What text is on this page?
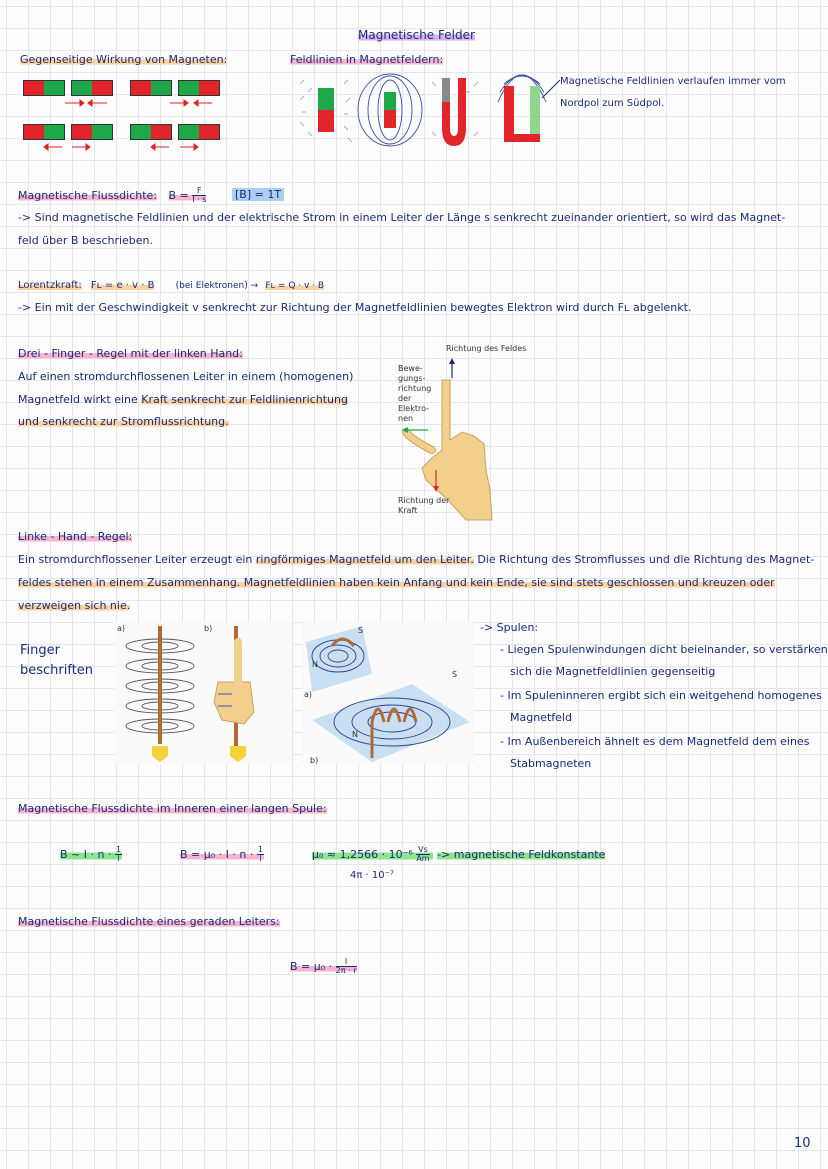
Magnetische Felder
Gegenseitige Wirkung von Magneten:	Feldlinien in Magnetfeldern:
Magnetische Feldlinien verlaufen immer vom
Nordpol zum Südpol.
Magnetische Flussdichte: $B = \frac{F}{I \cdot s}$	[B] = 1T
-> Sind magnetische Feldlinien und der elektrische Strom in einem Leiter der Länge s senkrecht zueinander orientiert, so wird das Magnet-
feld über B beschrieben.
Lorentzkraft: Fʟ = e · v · B (bei Elektronen) → Fʟ = Q · v · B
-> Ein mit der Geschwindigkeit v senkrecht zur Richtung der Magnetfeldlinien bewegtes Elektron wird durch Fʟ abgelenkt.
Drei - Finger - Regel mit der linken Hand:
Auf einen stromdurchflossenen Leiter in einem (homogenen)
Magnetfeld wirkt eine Kraft senkrecht zur Feldlinienrichtung
und senkrecht zur Stromflussrichtung.
Richtung des Feldes
Bewe-
gungs-
richtung
der
Elektro-
nen
Richtung der
Kraft
Linke - Hand - Regel:
Ein stromdurchflossener Leiter erzeugt ein ringförmiges Magnetfeld um den Leiter. Die Richtung des Stromflusses und die Richtung des Magnet-
feldes stehen in einem Zusammenhang. Magnetfeldlinien haben kein Anfang und kein Ende, sie sind stets geschlossen und kreuzen oder
verzweigen sich nie.
Finger
beschriften
a)	b)
a)
b)
N
S
N
S
-> Spulen:
- Liegen Spulenwindungen dicht beieinander, so verstärken
sich die Magnetfeldlinien gegenseitig
- Im Spuleninneren ergibt sich ein weitgehend homogenes
Magnetfeld
- Im Außenbereich ähnelt es dem Magnetfeld dem eines
Stabmagneten
Magnetische Flussdichte im Inneren einer langen Spule:
B ~ $I \cdot n \cdot \frac{1}{l}$	$B = \mu_0 \cdot I \cdot n \cdot \frac{1}{l}$	$\mu_0 \approx 1,2566 \cdot 10^{-6} \frac{Vs}{Am}$ -> magnetische Feldkonstante
4π · 10⁻⁷
Magnetische Flussdichte eines geraden Leiters:
$B = \mu_0 \cdot \frac{I}{2\pi \cdot r}$
10
